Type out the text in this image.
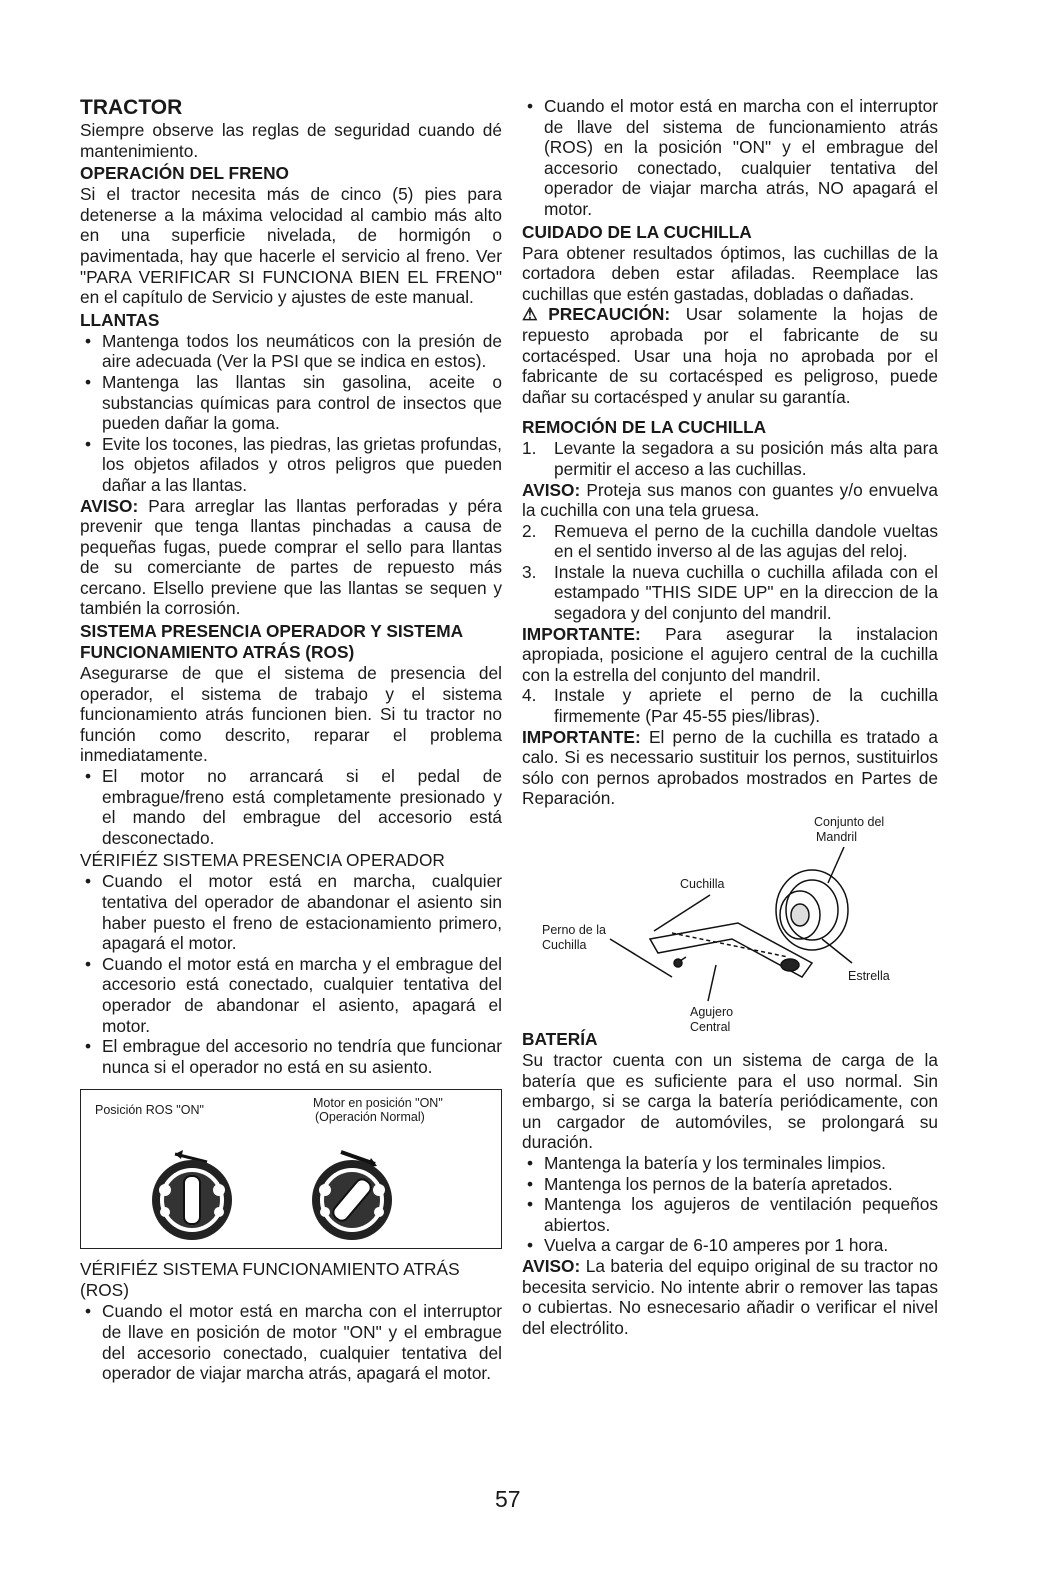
TRACTOR

Siempre observe las reglas de seguridad cuando dé mantenimiento.

OPERACIÓN DEL FRENO

Si el tractor necesita más de cinco (5) pies para detenerse a la máxima velocidad al cambio más alto en una superficie nivelada, de hormigón o pavimentada, hay que hacerle el servicio al freno. Ver "PARA VERIFICAR SI FUNCIONA BIEN EL FRENO" en el capítulo de Servicio y ajustes de este manual.

LLANTAS
• Mantenga todos los neumáticos con la presión de aire adecuada (Ver la PSI que se indica en estos).
• Mantenga las llantas sin gasolina, aceite o substancias químicas para control de insectos que pueden dañar la goma.
• Evite los tocones, las piedras, las grietas profundas, los objetos afilados y otros peligros que pueden dañar a las llantas.

AVISO: Para arreglar las llantas perforadas y péra prevenir que tenga llantas pinchadas a causa de pequeñas fugas, puede comprar el sello para llantas de su comerciante de partes de repuesto más cercano. Elsello previene que las llantas se sequen y también la corrosión.

SISTEMA PRESENCIA OPERADOR Y SISTEMA FUNCIONAMIENTO ATRÁS (ROS)

Asegurarse de que el sistema de presencia del operador, el sistema de trabajo y el sistema funcionamiento atrás funcionen bien. Si tu tractor no función como descrito, reparar el problema inmediatamente.

• El motor no arrancará si el pedal de embrague/freno está completamente presionado y el mando del embrague del accesorio está desconectado.
VÉRIFIÉZ SISTEMA PRESENCIA OPERADOR
• Cuando el motor está en marcha, cualquier tentativa del operador de abandonar el asiento sin haber puesto el freno de estacionamiento primero, apagará el motor.
• Cuando el motor está en marcha y el embrague del accesorio está conectado, cualquier tentativa del operador de abandonar el asiento, apagará el motor.
• El embrague del accesorio no tendría que funcionar nunca si el operador no está en su asiento.
Posición ROS "ON"	Motor en posición "ON"
(Operación Normal)
VÉRIFIÉZ SISTEMA FUNCIONAMIENTO ATRÁS (ROS)
• Cuando el motor está en marcha con el interruptor de llave en posición de motor "ON" y el embrague del accesorio conectado, cualquier tentativa del operador de viajar marcha atrás, apagará el motor.
• Cuando el motor está en marcha con el interruptor de llave del sistema de funcionamiento atrás (ROS) en la posición "ON" y el embrague del accesorio conectado, cualquier tentativa del operador de viajar marcha atrás, NO apagará el motor.
CUIDADO DE LA CUCHILLA

Para obtener resultados óptimos, las cuchillas de la cortadora deben estar afiladas. Reemplace las cuchillas que estén gastadas, dobladas o dañadas.

⚠PRECAUCIÓN: Usar solamente la hojas de repuesto aprobada por el fabricante de su cortacésped. Usar una hoja no aprobada por el fabricante de su cortacésped es peligroso, puede dañar su cortacésped y anular su garantía.

REMOCIÓN DE LA CUCHILLA
1. Levante la segadora a su posición más alta para permitir el acceso a las cuchillas.

AVISO: Proteja sus manos con guantes y/o envuelva la cuchilla con una tela gruesa.

2. Remueva el perno de la cuchilla dandole vueltas en el sentido inverso al de las agujas del reloj.
3. Instale la nueva cuchilla o cuchilla afilada con el estampado "THIS SIDE UP" en la direccion de la segadora y del conjunto del mandril.

IMPORTANTE: Para asegurar la instalacion apropiada, posicione el agujero central de la cuchilla con la estrella del conjunto del mandril.

4. Instale y apriete el perno de la cuchilla firmemente (Par 45-55 pies/libras).

IMPORTANTE: El perno de la cuchilla es tratado a calo. Si es necessario sustituir los pernos, sustituirlos sólo con pernos aprobados mostrados en Partes de Reparación.

Conjunto del
Mandril
Cuchilla
Perno de la
Cuchilla
Estrella
Agujero
Central
BATERÍA

Su tractor cuenta con un sistema de carga de la batería que es suficiente para el uso normal. Sin embargo, si se carga la batería periódicamente, con un cargador de automóviles, se prolongará su duración.

• Mantenga la batería y los terminales limpios.
• Mantenga los pernos de la batería apretados.
• Mantenga los agujeros de ventilación pequeños abiertos.
• Vuelva a cargar de 6-10 amperes por 1 hora.

AVISO: La bateria del equipo original de su tractor no becesita servicio. No intente abrir o remover las tapas o cubiertas. No esnecesario añadir o verificar el nivel del electrólito.

57
